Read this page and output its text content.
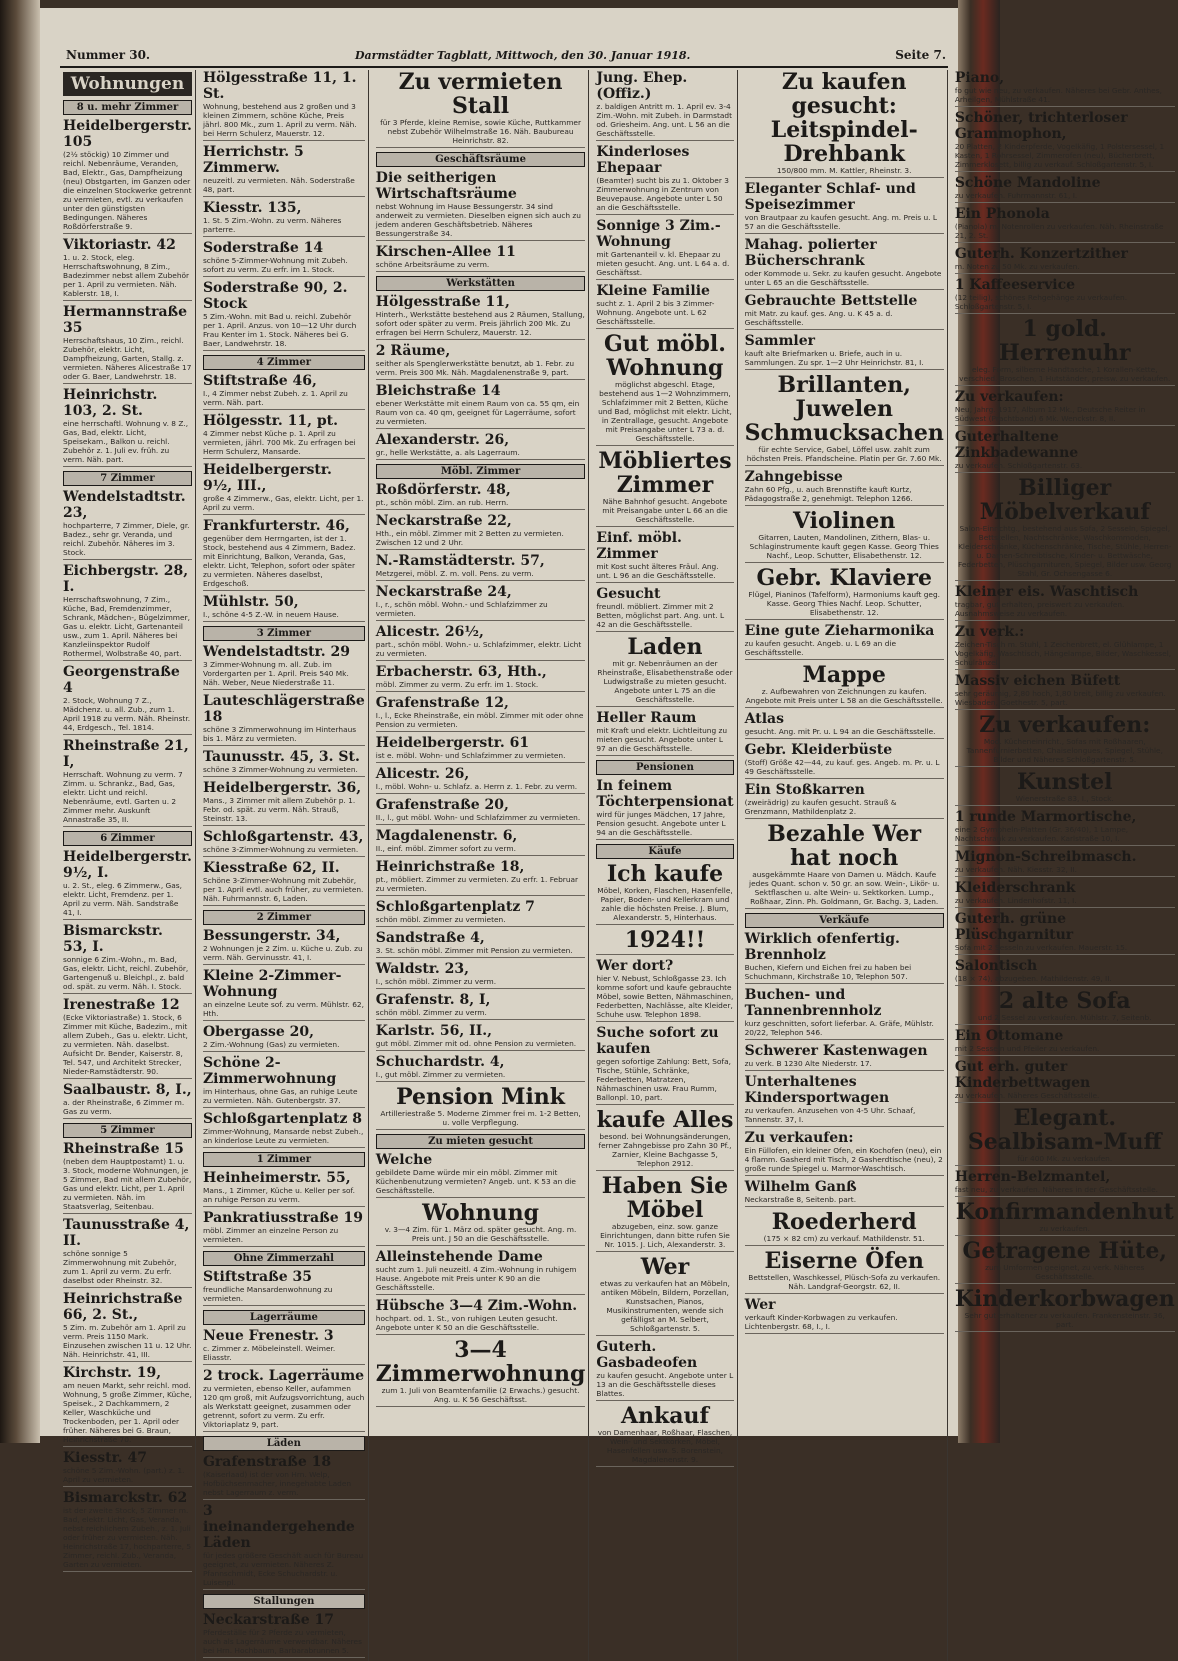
Nummer 30.	Darmstädter Tagblatt, Mittwoch, den 30. Januar 1918.	Seite 7.
Wohnungen
8 u. mehr Zimmer
Heidelbergerstr. 105
(2½ stöckig) 10 Zimmer und reichl. Nebenräume, Veranden, Bad, Elektr., Gas, Dampfheizung (neu) Obstgarten, im Ganzen oder die einzelnen Stockwerke getrennt zu vermieten, evtl. zu verkaufen unter den günstigsten Bedingungen. Näheres Roßdörferstraße 9.
Viktoriastr. 42
1. u. 2. Stock, eleg. Herrschaftswohnung, 8 Zim., Badezimmer nebst allem Zubehör per 1. April zu vermieten. Näh. Kablerstr. 18, I.
Hermannstraße 35
Herrschaftshaus, 10 Zim., reichl. Zubehör, elektr. Licht, Dampfheizung, Garten, Stallg. z. vermieten. Näheres Alicestraße 17 oder G. Baer, Landwehrstr. 18.
Heinrichstr. 103, 2. St.
eine herrschaftl. Wohnung v. 8 Z., Gas, Bad, elektr. Licht, Speisekam., Balkon u. reichl. Zubehör z. 1. Juli ev. früh. zu verm. Näh. part.
7 Zimmer
Wendelstadtstr. 23,
hochparterre, 7 Zimmer, Diele, gr. Badez., sehr gr. Veranda, und reichl. Zubehör. Näheres im 3. Stock.
Eichbergstr. 28, I.
Herrschaftswohnung, 7 Zim., Küche, Bad, Fremdenzimmer, Schrank, Mädchen-, Bügelzimmer, Gas u. elektr. Licht, Gartenanteil usw., zum 1. April. Näheres bei Kanzleiinspektor Rudolf Rothermel, Wolbstraße 40, part.
Georgenstraße 4
2. Stock, Wohnung 7 Z., Mädchenz. u. all. Zub., zum 1. April 1918 zu verm. Näh. Rheinstr. 44, Erdgesch., Tel. 1814.
Rheinstraße 21, I,
Herrschaft. Wohnung zu verm. 7 Zimm. u. Schrankz., Bad, Gas, elektr. Licht und reichl. Nebenräume, evtl. Garten u. 2 Zimmer mehr. Auskunft Annastraße 35, II.
6 Zimmer
Heidelbergerstr. 9½, I.
u. 2. St., eleg. 6 Zimmerw., Gas, elektr. Licht, Fremdenz. per 1. April zu verm. Näh. Sandstraße 41, I.
Bismarckstr. 53, I.
sonnige 6 Zim.-Wohn., m. Bad, Gas, elektr. Licht, reichl. Zubehör, Gartengenuß u. Bleichpl., z. bald od. spät. zu verm. Näh. I. Stock.
Irenestraße 12
(Ecke Viktoriastraße) 1. Stock, 6 Zimmer mit Küche, Badezim., mit allem Zubeh., Gas u. elektr. Licht, zu vermieten. Näh. daselbst. Aufsicht Dr. Bender, Kaiserstr. 8, Tel. 547, und Architekt Strecker, Nieder-Ramstädterstr. 90.
Saalbaustr. 8, I.,
a. der Rheinstraße, 6 Zimmer m. Gas zu verm.
5 Zimmer
Rheinstraße 15
(neben dem Hauptpostamt) 1. u. 3. Stock, moderne Wohnungen, je 5 Zimmer, Bad mit allem Zubehör, Gas und elektr. Licht, per 1. April zu vermieten. Näh. im Staatsverlag, Seitenbau.
Taunusstraße 4, II.
schöne sonnige 5 Zimmerwohnung mit Zubehör, zum 1. April zu verm. Zu erfr. daselbst oder Rheinstr. 32.
Heinrichstraße 66, 2. St.,
5 Zim. m. Zubehör am 1. April zu verm. Preis 1150 Mark. Einzusehen zwischen 11 u. 12 Uhr. Näh. Heinrichstr. 41, III.
Kirchstr. 19,
am neuen Markt, sehr reichl. mod. Wohnung, 5 große Zimmer, Küche, Speisek., 2 Dachkammern, 2 Keller, Waschküche und Trockenboden, per 1. April oder früher. Näheres bei G. Braun, Heinrichstraße 70.
Kiesstr. 47
schöne 5 Zim.-Wohn. (part.) z. 1. April zu vermieten.
Bismarckstr. 62
ist der zweite Stock, 5 Zimmer m. Bad, elektr. Licht, Gas, Veranda, nebst reichlichem Zubeh., z. 1. Juli oder früher zu vermieten. Näh. Heinrichstraße 17, hochparterre, 5 Zimmer, reichl. Zub., Veranda, Garten zu vermieten.
Hölgesstraße 11, 1. St.
Wohnung, bestehend aus 2 großen und 3 kleinen Zimmern, schöne Küche, Preis jährl. 800 Mk., zum 1. April zu verm. Näh. bei Herrn Schulerz, Mauerstr. 12.
Herrichstr. 5 Zimmerw.
neuzeitl. zu vermieten. Näh. Soderstraße 48, part.
Kiesstr. 135,
1. St. 5 Zim.-Wohn. zu verm. Näheres parterre.
Soderstraße 14
schöne 5-Zimmer-Wohnung mit Zubeh. sofort zu verm. Zu erfr. im 1. Stock.
Soderstraße 90, 2. Stock
5 Zim.-Wohn. mit Bad u. reichl. Zubehör per 1. April. Anzus. von 10—12 Uhr durch Frau Kenter im 1. Stock. Näheres bei G. Baer, Landwehrstr. 18.
4 Zimmer
Stiftstraße 46,
I., 4 Zimmer nebst Zubeh. z. 1. April zu verm. Näh. part.
Hölgesstr. 11, pt.
4 Zimmer nebst Küche p. 1. April zu vermieten, jährl. 700 Mk. Zu erfragen bei Herrn Schulerz, Mansarde.
Heidelbergerstr. 9½, III.,
große 4 Zimmerw., Gas, elektr. Licht, per 1. April zu verm.
Frankfurterstr. 46,
gegenüber dem Herrngarten, ist der 1. Stock, bestehend aus 4 Zimmern, Badez. mit Einrichtung, Balkon, Veranda, Gas, elektr. Licht, Telephon, sofort oder später zu vermieten. Näheres daselbst, Erdgeschoß.
Mühlstr. 50,
I., schöne 4-5 Z.-W. in neuem Hause.
3 Zimmer
Wendelstadtstr. 29
3 Zimmer-Wohnung m. all. Zub. im Vordergarten per 1. April. Preis 540 Mk. Näh. Weber, Neue Niederstraße 11.
Lauteschlägerstraße 18
schöne 3 Zimmerwohnung im Hinterhaus bis 1. März zu vermieten.
Taunusstr. 45, 3. St.
schöne 3 Zimmer-Wohnung zu vermieten.
Heidelbergerstr. 36,
Mans., 3 Zimmer mit allem Zubehör p. 1. Febr. od. spät. zu verm. Näh. Strauß, Steinstr. 13.
Schloßgartenstr. 43,
schöne 3-Zimmer-Wohnung zu vermieten.
Kiesstraße 62, II.
Schöne 3-Zimmer-Wohnung mit Zubehör, per 1. April evtl. auch früher, zu vermieten. Näh. Fuhrmannstr. 6, Laden.
2 Zimmer
Bessungerstr. 34,
2 Wohnungen je 2 Zim. u. Küche u. Zub. zu verm. Näh. Gervinusstr. 41, I.
Kleine 2-Zimmer-Wohnung
an einzelne Leute sof. zu verm. Mühlstr. 62, Hth.
Obergasse 20,
2 Zim.-Wohnung (Gas) zu vermieten.
Schöne 2-Zimmerwohnung
im Hinterhaus, ohne Gas, an ruhige Leute zu vermieten. Näh. Gutenbergstr. 37.
Schloßgartenplatz 8
Zimmer-Wohnung, Mansarde nebst Zubeh., an kinderlose Leute zu vermieten.
1 Zimmer
Heinheimerstr. 55,
Mans., 1 Zimmer, Küche u. Keller per sof. an ruhige Person zu verm.
Pankratiusstraße 19
möbl. Zimmer an einzelne Person zu vermieten.
Ohne Zimmerzahl
Stiftstraße 35
freundliche Mansardenwohnung zu vermieten.
Lagerräume
Neue Frenestr. 3
c. Zimmer z. Möbeleinstell. Weimer. Eliasstr.
2 trock. Lagerräume
zu vermieten, ebenso Keller, aufammen 120 qm groß, mit Aufzugsvorrichtung, auch als Werkstatt geeignet, zusammen oder getrennt, sofort zu verm. Zu erfr. Viktoriaplatz 9, part.
Läden
Grafenstraße 18
(Kaiserlaad) ist der von Hrn. Welp, Hofbüchsenmacher, innegehabte Laden nebst Lagerraum z. verm.
3 ineinandergehende Läden
für jedes größere Geschäft auch für Bureau geeignet, zu vermieten. Näheres Z. Pfannschmidt, Ecke Schuchardstr. u. Luisenpl.
Stallungen
Neckarstraße 17
Pferdeställe für 2 Pferde zu vermieten, auch als Lagerräume verwendbar. Näheres bei Hrn. Hochbaum, Barbarabrunnen 5.
Zu vermieten Stall
für 3 Pferde, kleine Remise, sowie Küche, Ruttkammer nebst Zubehör Wilhelmstraße 16. Näh. Baubureau Heinrichstr. 82.
Geschäftsräume
Die seitherigen Wirtschaftsräume
nebst Wohnung im Hause Bessungerstr. 34 sind anderweit zu vermieten. Dieselben eignen sich auch zu jedem anderen Geschäftsbetrieb. Näheres Bessungerstraße 34.
Kirschen-Allee 11
schöne Arbeitsräume zu verm.
Werkstätten
Hölgesstraße 11,
Hinterh., Werkstätte bestehend aus 2 Räumen, Stallung, sofort oder später zu verm. Preis jährlich 200 Mk. Zu erfragen bei Herrn Schulerz, Mauerstr. 12.
2 Räume,
seither als Spenglerwerkstätte benutzt, ab 1. Febr. zu verm. Preis 300 Mk. Näh. Magdalenenstraße 9, part.
Bleichstraße 14
ebener Werkstätte mit einem Raum von ca. 55 qm, ein Raum von ca. 40 qm, geeignet für Lagerräume, sofort zu vermieten.
Alexanderstr. 26,
gr., helle Werkstätte, a. als Lagerraum.
Möbl. Zimmer
Roßdörferstr. 48,
pt., schön möbl. Zim. an rub. Herrn.
Neckarstraße 22,
Hth., ein möbl. Zimmer mit 2 Betten zu vermieten. Zwischen 12 und 2 Uhr.
N.-Ramstädterstr. 57,
Metzgerei, möbl. Z. m. voll. Pens. zu verm.
Neckarstraße 24,
I., r., schön möbl. Wohn.- und Schlafzimmer zu vermieten.
Alicestr. 26½,
part., schön möbl. Wohn.- u. Schlafzimmer, elektr. Licht zu vermieten.
Erbacherstr. 63, Hth.,
möbl. Zimmer zu verm. Zu erfr. im 1. Stock.
Grafenstraße 12,
I., l., Ecke Rheinstraße, ein möbl. Zimmer mit oder ohne Pension zu vermieten.
Heidelbergerstr. 61
ist e. möbl. Wohn- und Schlafzimmer zu vermieten.
Alicestr. 26,
I., möbl. Wohn- u. Schlafz. a. Herrn z. 1. Febr. zu verm.
Grafenstraße 20,
II., l., gut möbl. Wohn- und Schlafzimmer zu vermieten.
Magdalenenstr. 6,
II., einf. möbl. Zimmer sofort zu verm.
Heinrichstraße 18,
pt., möbliert. Zimmer zu vermieten. Zu erfr. 1. Februar zu vermieten.
Schloßgartenplatz 7
schön möbl. Zimmer zu vermieten.
Sandstraße 4,
3. St. schön möbl. Zimmer mit Pension zu vermieten.
Waldstr. 23,
I., schön möbl. Zimmer zu verm.
Grafenstr. 8, I,
schön möbl. Zimmer zu verm.
Karlstr. 56, II.,
gut möbl. Zimmer mit od. ohne Pension zu vermieten.
Schuchardstr. 4,
I., gut möbl. Zimmer zu vermieten.
Pension Mink
Artilleriestraße 5. Moderne Zimmer frei m. 1-2 Betten, u. volle Verpflegung.
Zu mieten gesucht
Welche
gebildete Dame würde mir ein möbl. Zimmer mit Küchenbenutzung vermieten? Angeb. unt. K 53 an die Geschäftsstelle.
Wohnung
v. 3—4 Zim. für 1. März od. später gesucht. Ang. m. Preis unt. J 50 an die Geschäftsstelle.
Alleinstehende Dame
sucht zum 1. Juli neuzeitl. 4 Zim.-Wohnung in ruhigem Hause. Angebote mit Preis unter K 90 an die Geschäftsstelle.
Hübsche 3—4 Zim.-Wohn.
hochpart. od. 1. St., von ruhigen Leuten gesucht. Angebote unter K 50 an die Geschäftsstelle.
3—4 Zimmerwohnung
zum 1. Juli von Beamtenfamilie (2 Erwachs.) gesucht. Ang. u. K 56 Geschäftsst.
Jung. Ehep. (Offiz.)
z. baldigen Antritt m. 1. April ev. 3-4 Zim.-Wohn. mit Zubeh. in Darmstadt od. Griesheim. Ang. unt. L 56 an die Geschäftsstelle.
Kinderloses Ehepaar
(Beamter) sucht bis zu 1. Oktober 3 Zimmerwohnung in Zentrum von Beuvepause. Angebote unter L 50 an die Geschäftsstelle.
Sonnige 3 Zim.-Wohnung
mit Gartenanteil v. kl. Ehepaar zu mieten gesucht. Ang. unt. L 64 a. d. Geschäftsst.
Kleine Familie
sucht z. 1. April 2 bis 3 Zimmer-Wohnung. Angebote unt. L 62 Geschäftsstelle.
Gut möbl. Wohnung
möglichst abgeschl. Etage, bestehend aus 1—2 Wohnzimmern, Schlafzimmer mit 2 Betten, Küche und Bad, möglichst mit elektr. Licht, in Zentrallage, gesucht. Angebote mit Preisangabe unter L 73 a. d. Geschäftsstelle.
Möbliertes Zimmer
Nähe Bahnhof gesucht. Angebote mit Preisangabe unter L 66 an die Geschäftsstelle.
Einf. möbl. Zimmer
mit Kost sucht älteres Fräul. Ang. unt. L 96 an die Geschäftsstelle.
Gesucht
freundl. möbliert. Zimmer mit 2 Betten, möglichst part. Ang. unt. L 42 an die Geschäftsstelle.
Laden
mit gr. Nebenräumen an der Rheinstraße, Elisabethenstraße oder Ludwigstraße zu mieten gesucht. Angebote unter L 75 an die Geschäftsstelle.
Heller Raum
mit Kraft und elektr. Lichtleitung zu mieten gesucht. Angebote unter L 97 an die Geschäftsstelle.
Pensionen
In feinem Töchterpensionat
wird für junges Mädchen, 17 Jahre, Pension gesucht. Angebote unter L 94 an die Geschäftsstelle.
Käufe
Ich kaufe
Möbel, Korken, Flaschen, Hasenfelle, Papier, Boden- und Kellerkram und zahle die höchsten Preise. J. Blum, Alexanderstr. 5, Hinterhaus.
1924!!
Wer dort?
hier V. Nebust, Schloßgasse 23. Ich komme sofort und kaufe gebrauchte Möbel, sowie Betten, Nähmaschinen, Federbetten, Nachlässe, alte Kleider, Schuhe usw. Telephon 1898.
Suche sofort zu kaufen
gegen sofortige Zahlung: Bett, Sofa, Tische, Stühle, Schränke, Federbetten, Matratzen, Nähmaschinen usw. Frau Rumm, Ballonpl. 10, part.
kaufe Alles
besond. bei Wohnungsänderungen, ferner Zahngebisse pro Zahn 30 Pf., Zarnier, Kleine Bachgasse 5, Telephon 2912.
Haben Sie Möbel
abzugeben, einz. sow. ganze Einrichtungen, dann bitte rufen Sie Nr. 1015. J. Lich, Alexanderstr. 3.
Wer
etwas zu verkaufen hat an Möbeln, antiken Möbeln, Bildern, Porzellan, Kunstsachen, Pianos, Musikinstrumenten, wende sich gefälligst an M. Selbert, Schloßgartenstr. 5.
Guterh. Gasbadeofen
zu kaufen gesucht. Angebote unter L 13 an die Geschäftsstelle dieses Blattes.
Ankauf
von Damenhaar, Roßhaar, Flaschen, Wein- und Sektkorken, Möbel, Hasenfellen usw. S. Borenstein, Magdalenenstr. 9.
Zu kaufen gesucht: Leitspindel-Drehbank
150/800 mm. M. Kattler, Rheinstr. 3.
Eleganter Schlaf- und Speisezimmer
von Brautpaar zu kaufen gesucht. Ang. m. Preis u. L 57 an die Geschäftsstelle.
Mahag. polierter Bücherschrank
oder Kommode u. Sekr. zu kaufen gesucht. Angebote unter L 65 an die Geschäftsstelle.
Gebrauchte Bettstelle
mit Matr. zu kauf. ges. Ang. u. K 45 a. d. Geschäftsstelle.
Sammler
kauft alte Briefmarken u. Briefe, auch in u. Sammlungen. Zu spr. 1—2 Uhr Heinrichstr. 81, I.
Brillanten, Juwelen Schmucksachen
für echte Service, Gabel, Löffel usw. zahlt zum höchsten Preis. Pfandscheine. Platin per Gr. 7.60 Mk.
Zahngebisse
Zahn 60 Pfg., u. auch Brennstifte kauft Kurtz, Pädagogstraße 2, genehmigt. Telephon 1266.
Violinen
Gitarren, Lauten, Mandolinen, Zithern, Blas- u. Schlaginstrumente kauft gegen Kasse. Georg Thies Nachf., Leop. Schutter, Elisabethenstr. 12.
Gebr. Klaviere
Flügel, Pianinos (Tafelform), Harmoniums kauft geg. Kasse. Georg Thies Nachf. Leop. Schutter, Elisabethenstr. 12.
Eine gute Zieharmonika
zu kaufen gesucht. Angeb. u. L 69 an die Geschäftsstelle.
Mappe
z. Aufbewahren von Zeichnungen zu kaufen. Angebote mit Preis unter L 58 an die Geschäftsstelle.
Atlas
gesucht. Ang. mit Pr. u. L 94 an die Geschäftsstelle.
Gebr. Kleiderbüste
(Stoff) Größe 42—44, zu kauf. ges. Angeb. m. Pr. u. L 49 Geschäftsstelle.
Ein Stoßkarren
(zweirädrig) zu kaufen gesucht. Strauß & Grenzmann, Mathildenplatz 2.
Bezahle Wer hat noch
ausgekämmte Haare von Damen u. Mädch. Kaufe jedes Quant. schon v. 50 gr. an sow. Wein-, Likör- u. Sektflaschen u. alte Wein- u. Sektkorken. Lump., Roßhaar, Zinn. Ph. Goldmann, Gr. Bachg. 3, Laden.
Verkäufe
Wirklich ofenfertig. Brennholz
Buchen, Kiefern und Eichen frei zu haben bei Schuchmann, Kirchstraße 10, Telephon 507.
Buchen- und Tannenbrennholz
kurz geschnitten, sofort lieferbar. A. Gräfe, Mühlstr. 20/22, Telephon 546.
Schwerer Kastenwagen
zu verk. B 1230 Alte Niederstr. 17.
Unterhaltenes Kindersportwagen
zu verkaufen. Anzusehen von 4-5 Uhr. Schaaf, Tannenstr. 37, I.
Zu verkaufen:
Ein Füllofen, ein kleiner Ofen, ein Kochofen (neu), ein 4 flamm. Gasherd mit Tisch, 2 Gasherdtische (neu), 2 große runde Spiegel u. Marmor-Waschtisch.
Wilhelm Ganß
Neckarstraße 8, Seitenb. part.
Roederherd
(175 × 82 cm) zu verkauf. Mathildenstr. 51.
Eiserne Öfen
Bettstellen, Waschkessel, Plüsch-Sofa zu verkaufen. Näh. Landgraf-Georgstr. 62, II.
Wer
verkauft Kinder-Korbwagen zu verkaufen. Lichtenbergstr. 68, I., I.
Piano,
fo gut wie neu, zu verkaufen. Näheres bei Gebr. Anthes, Arheilgen, Mühlstraße 41.
Schöner, trichterloser Grammophon,
20 Platten, 2 Kinderpferde, Vogelkäfig, 1 Polstersessel, 1 Kasten, 1 Rohrsessel, Zimmerofen (neu), Bücherbrett, Zimmerklosett, billig zu verkauf. Schloßgartenstr. 5, I.
Schöne Mandoline
zu verkaufen. Fuhrmannstr. 61, I.
Ein Phonola
(Pianola) m. Notenrollen zu verkaufen. Näh. Rheinstraße 21, 2. St.
Guterh. Konzertzither
m. Noten zu 50 Mk. zu verkaufen.
1 Kaffeeservice
(12 teilig), schönes Rehgehänge zu verkaufen. Schloßgartenstr. 5, I.
1 gold. Herrenuhr
eleg. Form, silberne Handtasche, 1 Korallen-Kette, verschied. Broschen, 1 Hutständer, preisw. zu verkaufen.
Zu verkaufen:
Neu, Jahrg. 1917, Album 12 Mk., Deutsche Reiter in Südwest (Prachtband) 6 Mk. Wenckstr. 8, II.
Guterhaltene Zinkbadewanne
zu verkaufen. Schloßgartenstr. 63.
Billiger Möbelverkauf
Salon-Einrichtg., bestehend aus Sofa, 2 Sesseln, Spiegel, Bettstellen, Nachtschränke, Waschkommoden, Kleiderschränke, Küchenschränke, Tische, Stühle, Herren- u. Damen-Schreibtische, Kinder- u. Bettwäsche, Federbetten, Plüschgarnituren, Spiegel, Bilder usw. Georg Stahl, Gr. Ochsengasse 6.
Kleiner eis. Waschtisch
tragbar, gut erhalten, preiswert zu verkaufen. Ausnahmsweise zu verkaufen.
Zu verk.:
Zeichen-Tisch m. Stuhl, 1 Zeichenbrett, el. Glühlampe, 1 Vogelkäfig, Waschtisch, Hängelampe, Bilder, Waschkessel, Schulränzel.
Massiv eichen Büfett
sehr geräumig, 2,80 hoch, 1,80 breit, billig zu verkaufen. Wiesbaden, Goethestr. 5, part.
Zu verkaufen:
Mod. Kücheneinricht., Sofas mit Roßhaaren, Tannenfurnierbetten, Chaiselongues, Spiegel, Stühle, Bilder und Näheres Schloßgartenstr. 5.
Kunstel
Wienerstraße 83, I., Stock.
1 runde Marmortische,
eine 2 Gympheln-Platten (Gr. 36/40), 1 Lampe, Nachtschrank zu verkaufen. Karlstraße 10, I.
Mignon-Schreibmasch.
zu verkaufen. Näh. Kiesstr. 32, II.
Kleiderschrank
zu verkaufen. Lindenhofstr. 11, I.
Guterh. grüne Plüschgarnitur
Sofa mit 2 Sesseln zu verkaufen. Mauerstr. 15.
Salontisch
(18 × 74), abzugeben. Mathildenstr. 49, II.
2 alte Sofa
und 2 Sessel zu verkaufen. Mühlstr. 7, Seitenb.
Ein Ottomane
mit 2 Sesseln und Pfeiler zu verkaufen.
Gut erh. guter Kinderbettwagen
zu verkaufen. Näheres Geschäftsstelle.
Elegant. Sealbisam-Muff
für 400 Mk. zu verkaufen.
Herren-Belzmantel,
fast neu, zu verkaufen. Näheres in der Geschäftsstelle.
Konfirmandenhut
zu verkaufen.
Getragene Hüte,
zum Umformen geeignet, zu verk. Näheres Geschäftsstelle.
Kinderkorbwagen
Sehr gut erhaltener zu verkaufen. Frankensteinstr. 36, part.
